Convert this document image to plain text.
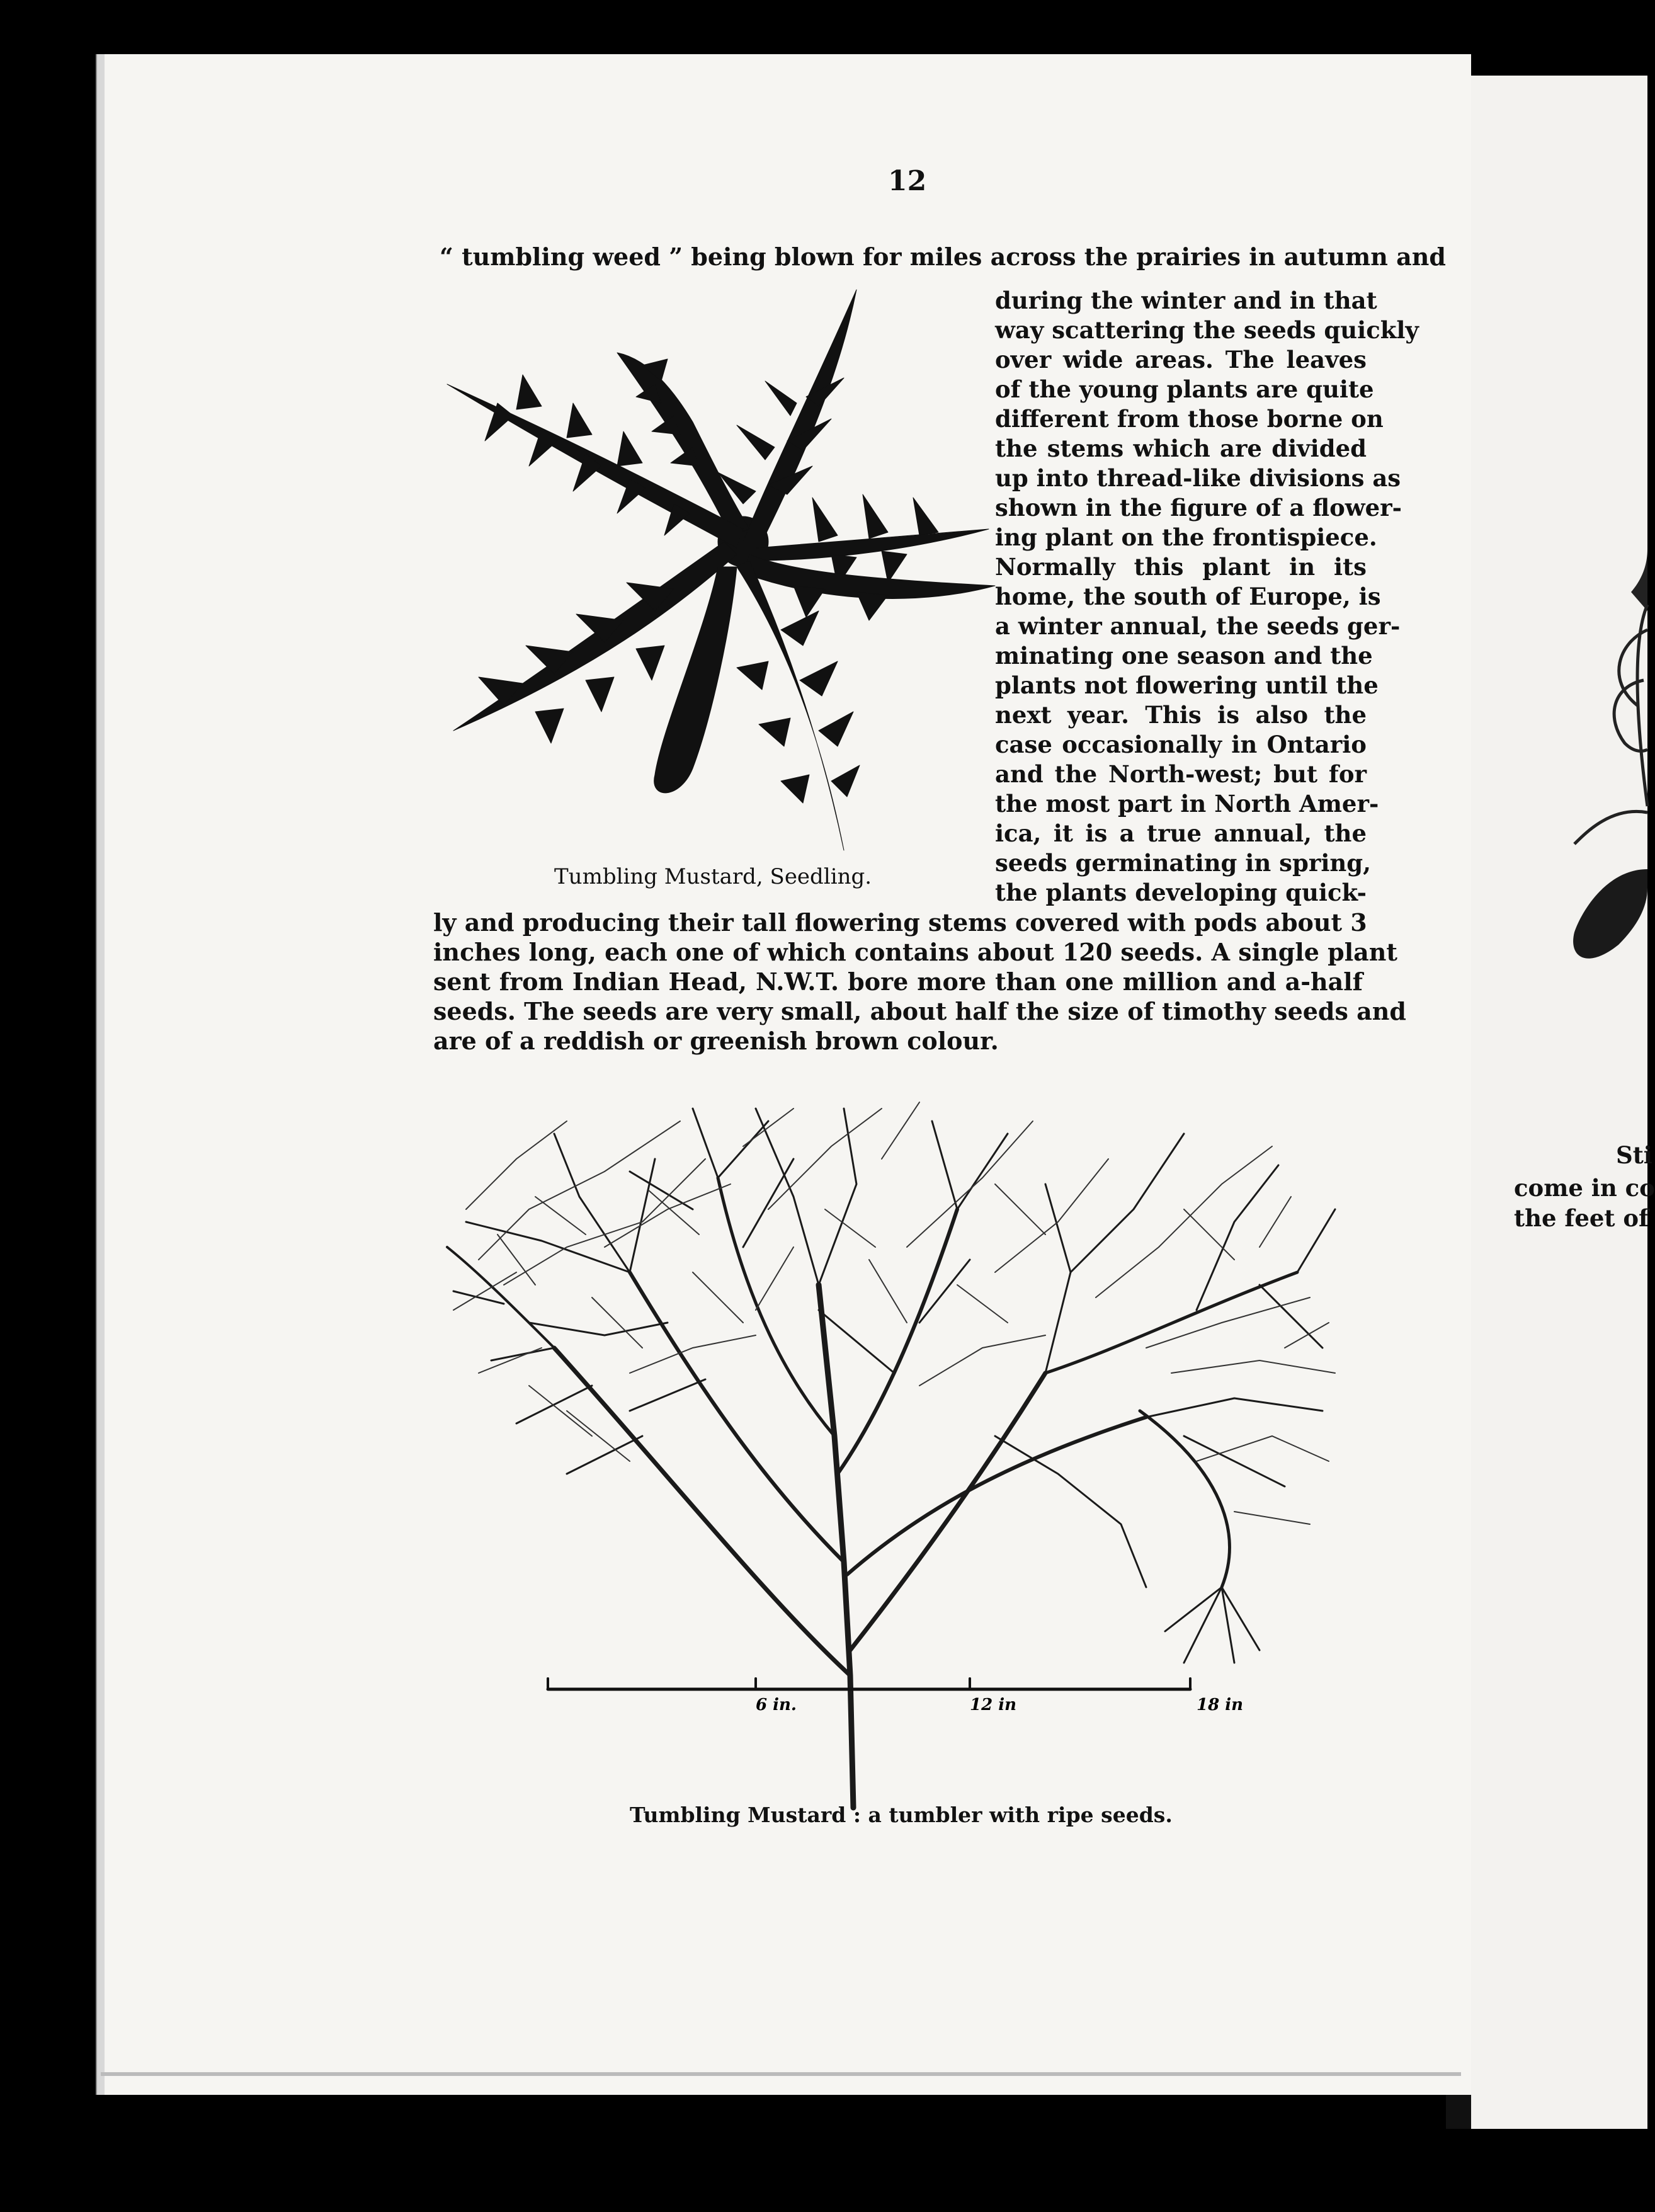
Sti
come in co
the feet of
12
“ tumbling weed ” being blown for miles across the prairies in autumn and
during the winter and in that
way scattering the seeds quickly
over wide areas. The leaves
of the young plants are quite
different from those borne on
the stems which are divided
up into thread-like divisions as
shown in the figure of a flower-
ing plant on the frontispiece.
Normally this plant in its
home, the south of Europe, is
a winter annual, the seeds ger-
minating one season and the
plants not flowering until the
next year. This is also the
case occasionally in Ontario
and the North-west; but for
the most part in North Amer-
ica, it is a true annual, the
seeds germinating in spring,
the plants developing quick-
ly and producing their tall flowering stems covered with pods about 3
inches long, each one of which contains about 120 seeds. A single plant
sent from Indian Head, N.W.T. bore more than one million and a-half
seeds. The seeds are very small, about half the size of timothy seeds and
are of a reddish or greenish brown colour.
Tumbling Mustard, Seedling.
6 in.	12 in	18 in
Tumbling Mustard : a tumbler with ripe seeds.
